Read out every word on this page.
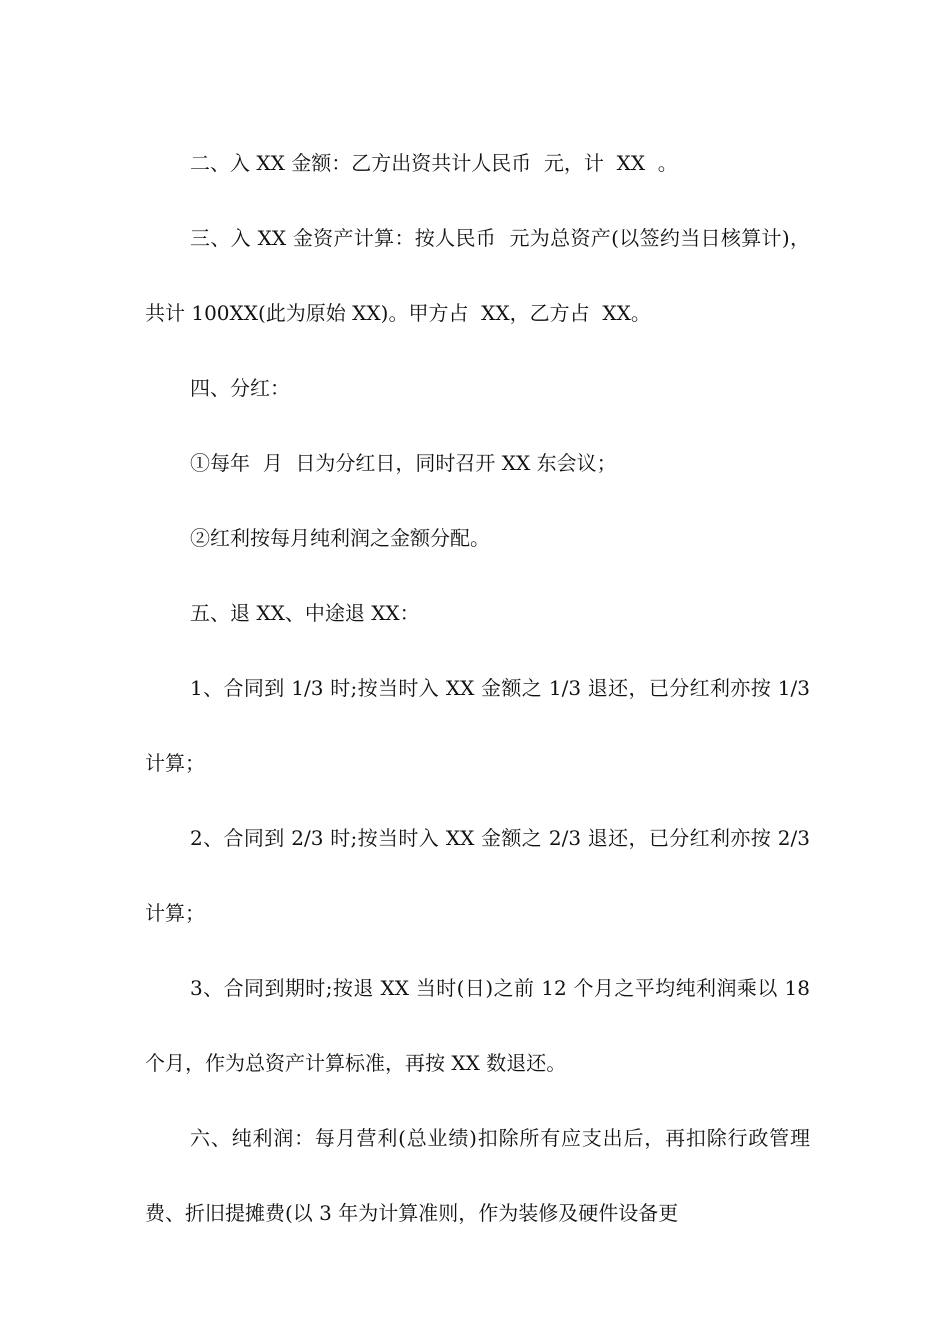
二、入 XX 金额：乙方出资共计人民币  元，计  XX  。

三、入 XX 金资产计算：按人民币  元为总资产(以签约当日核算计)，共计 100XX(此为原始 XX)。甲方占  XX，乙方占  XX。

四、分红：

①每年  月  日为分红日，同时召开 XX 东会议；

②红利按每月纯利润之金额分配。

五、退 XX、中途退 XX：

1、合同到 1/3 时;按当时入 XX 金额之 1/3 退还，已分红利亦按 1/3 计算；

2、合同到 2/3 时;按当时入 XX 金额之 2/3 退还，已分红利亦按 2/3 计算；

3、合同到期时;按退 XX 当时(日)之前 12 个月之平均纯利润乘以 18 个月，作为总资产计算标准，再按 XX 数退还。

六、纯利润：每月营利(总业绩)扣除所有应支出后，再扣除行政管理费、折旧提摊费(以 3 年为计算准则，作为装修及硬件设备更
